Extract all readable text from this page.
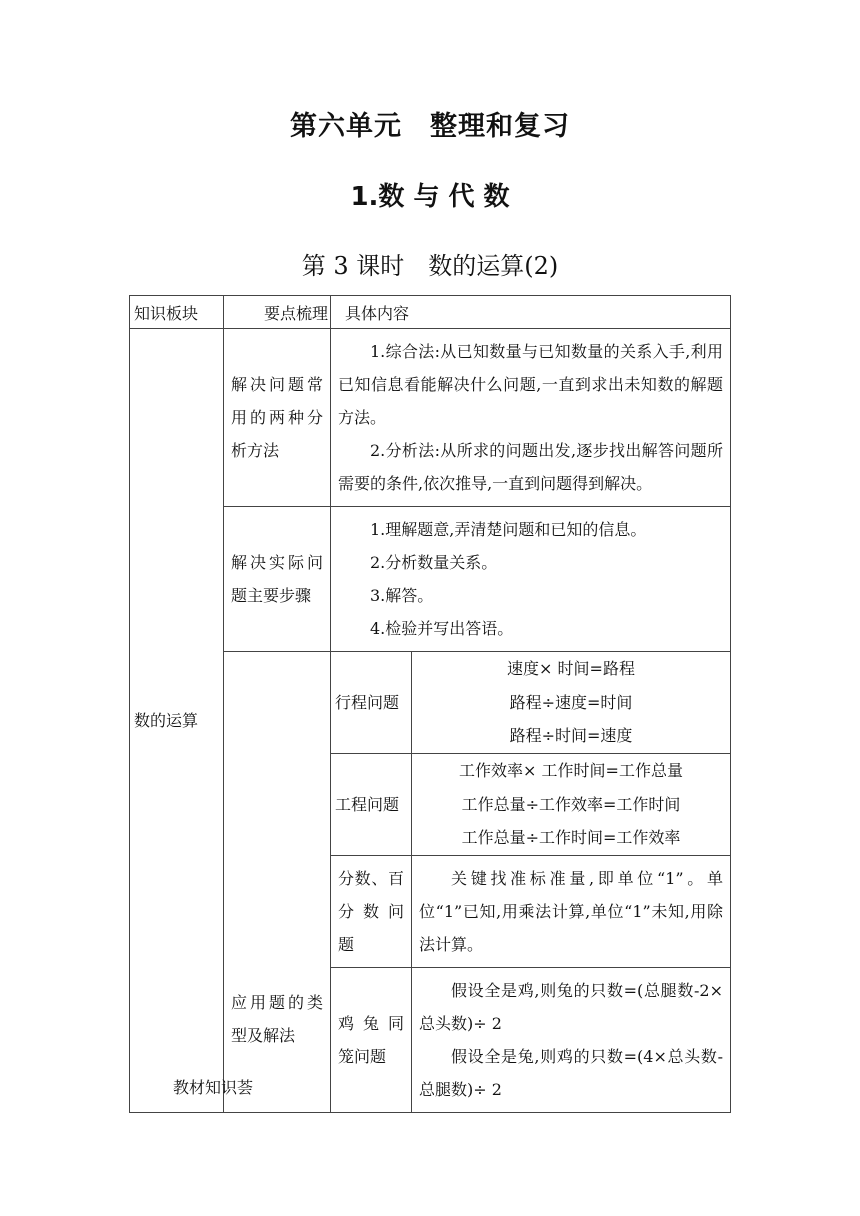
第六单元　整理和复习
1.数 与 代 数
第 3 课时　数的运算(2)
知识板块	要点梳理	具体内容	
数的运算	解决问题常用的两种分析方法	1.综合法:从已知数量与已知数量的关系入手,利用已知信息看能解决什么问题,一直到求出未知数的解题方法。
2.分析法:从所求的问题出发,逐步找出解答问题所需要的条件,依次推导,一直到问题得到解决。	

	解决实际问题主要步骤	1.理解题意,弄清楚问题和已知的信息。
2.分析数量关系。
3.解答。
4.检验并写出答语。	

	应用题的类型及解法	行程问题	速度× 时间=路程
路程÷速度=时间
路程÷时间=速度

		工程问题	工作效率× 工作时间=工作总量
工作总量÷工作效率=工作时间
工作总量÷工作时间=工作效率

		分数、百分 数 问题	关键找准标准量,即单位“1”。单位“1”已知,用乘法计算,单位“1”未知,用除法计算。

		鸡 兔 同笼问题	假设全是鸡,则兔的只数=(总腿数-2×总头数)÷ 2
假设全是兔,则鸡的只数=(4×总头数-总腿数)÷ 2
教材知识荟
